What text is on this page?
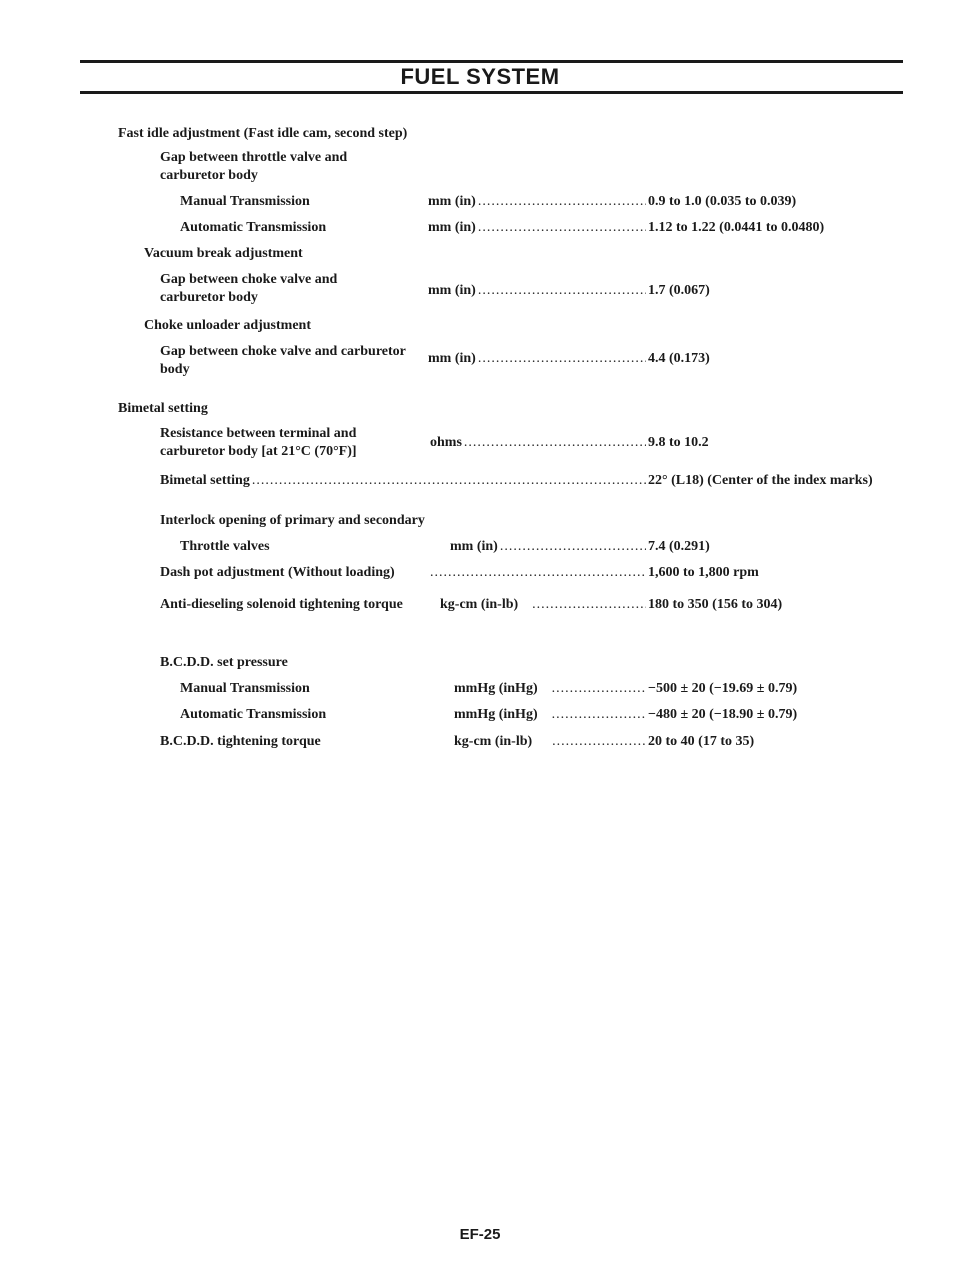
FUEL SYSTEM
Fast idle adjustment (Fast idle cam, second step)
Gap between throttle valve and
carburetor body
Manual Transmission	mm (in) .....	0.9 to 1.0 (0.035 to 0.039)
Automatic Transmission	mm (in) .....	1.12 to 1.22 (0.0441 to 0.0480)
Vacuum break adjustment
Gap between choke valve and
carburetor body	mm (in) .....	1.7 (0.067)
Choke unloader adjustment
Gap between choke valve and carburetor
body
mm (in) .....	4.4 (0.173)
Bimetal setting
Resistance between terminal and
carburetor body [at 21°C (70°F)]
ohms .....	9.8 to 10.2
Bimetal setting .....	22° (L18) (Center of the index marks)
Interlock opening of primary and secondary
Throttle valves	mm (in) .....	7.4 (0.291)
Dash pot adjustment (Without loading) .....	1,600 to 1,800 rpm
Anti-dieseling solenoid tightening torque	kg-cm (in-lb) .....	180 to 350 (156 to 304)
B.C.D.D. set pressure
Manual Transmission	mmHg (inHg) .....	−500 ± 20 (−19.69 ± 0.79)
Automatic Transmission	mmHg (inHg) .....	−480 ± 20 (−18.90 ± 0.79)
B.C.D.D. tightening torque	kg-cm (in-lb) .....	20 to 40 (17 to 35)
EF-25
